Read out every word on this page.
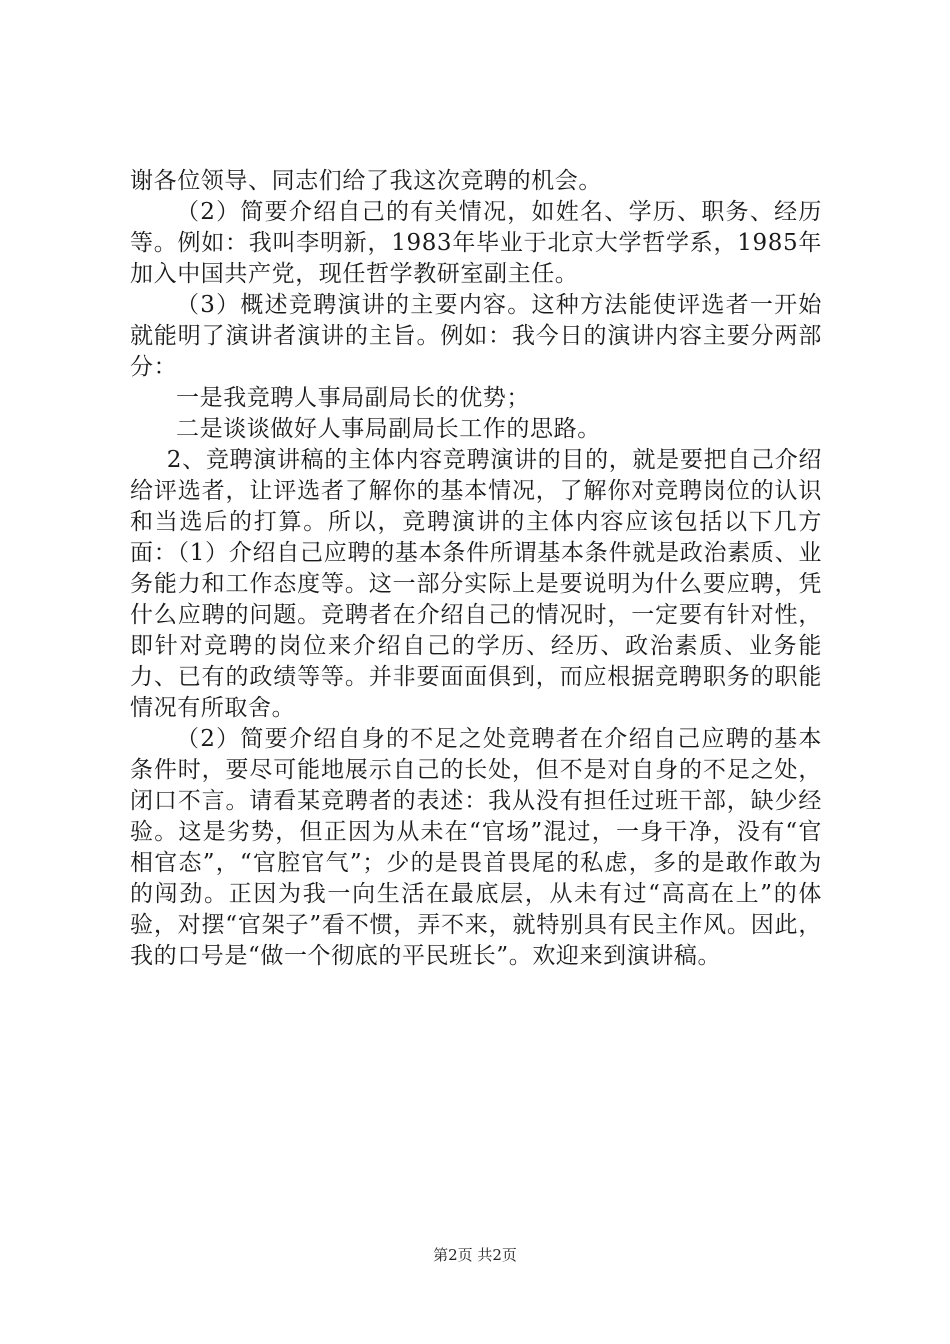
谢各位领导、同志们给了我这次竞聘的机会。

（2）简要介绍自己的有关情况，如姓名、学历、职务、经历等。例如：我叫李明新，1983年毕业于北京大学哲学系，1985年加入中国共产党，现任哲学教研室副主任。

（3）概述竞聘演讲的主要内容。这种方法能使评选者一开始就能明了演讲者演讲的主旨。例如：我今日的演讲内容主要分两部分：

一是我竞聘人事局副局长的优势；

二是谈谈做好人事局副局长工作的思路。

2、竞聘演讲稿的主体内容竞聘演讲的目的，就是要把自己介绍给评选者，让评选者了解你的基本情况，了解你对竞聘岗位的认识和当选后的打算。所以，竞聘演讲的主体内容应该包括以下几方面：（1）介绍自己应聘的基本条件所谓基本条件就是政治素质、业务能力和工作态度等。这一部分实际上是要说明为什么要应聘，凭什么应聘的问题。竞聘者在介绍自己的情况时，一定要有针对性，即针对竞聘的岗位来介绍自己的学历、经历、政治素质、业务能力、已有的政绩等等。并非要面面俱到，而应根据竞聘职务的职能情况有所取舍。

（2）简要介绍自身的不足之处竞聘者在介绍自己应聘的基本条件时，要尽可能地展示自己的长处，但不是对自身的不足之处，闭口不言。请看某竞聘者的表述：我从没有担任过班干部，缺少经验。这是劣势，但正因为从未在“官场”混过，一身干净，没有“官相官态”，“官腔官气”；少的是畏首畏尾的私虑，多的是敢作敢为的闯劲。正因为我一向生活在最底层，从未有过“高高在上”的体验，对摆“官架子”看不惯，弄不来，就特别具有民主作风。因此，我的口号是“做一个彻底的平民班长”。欢迎来到演讲稿。

第2页 共2页
